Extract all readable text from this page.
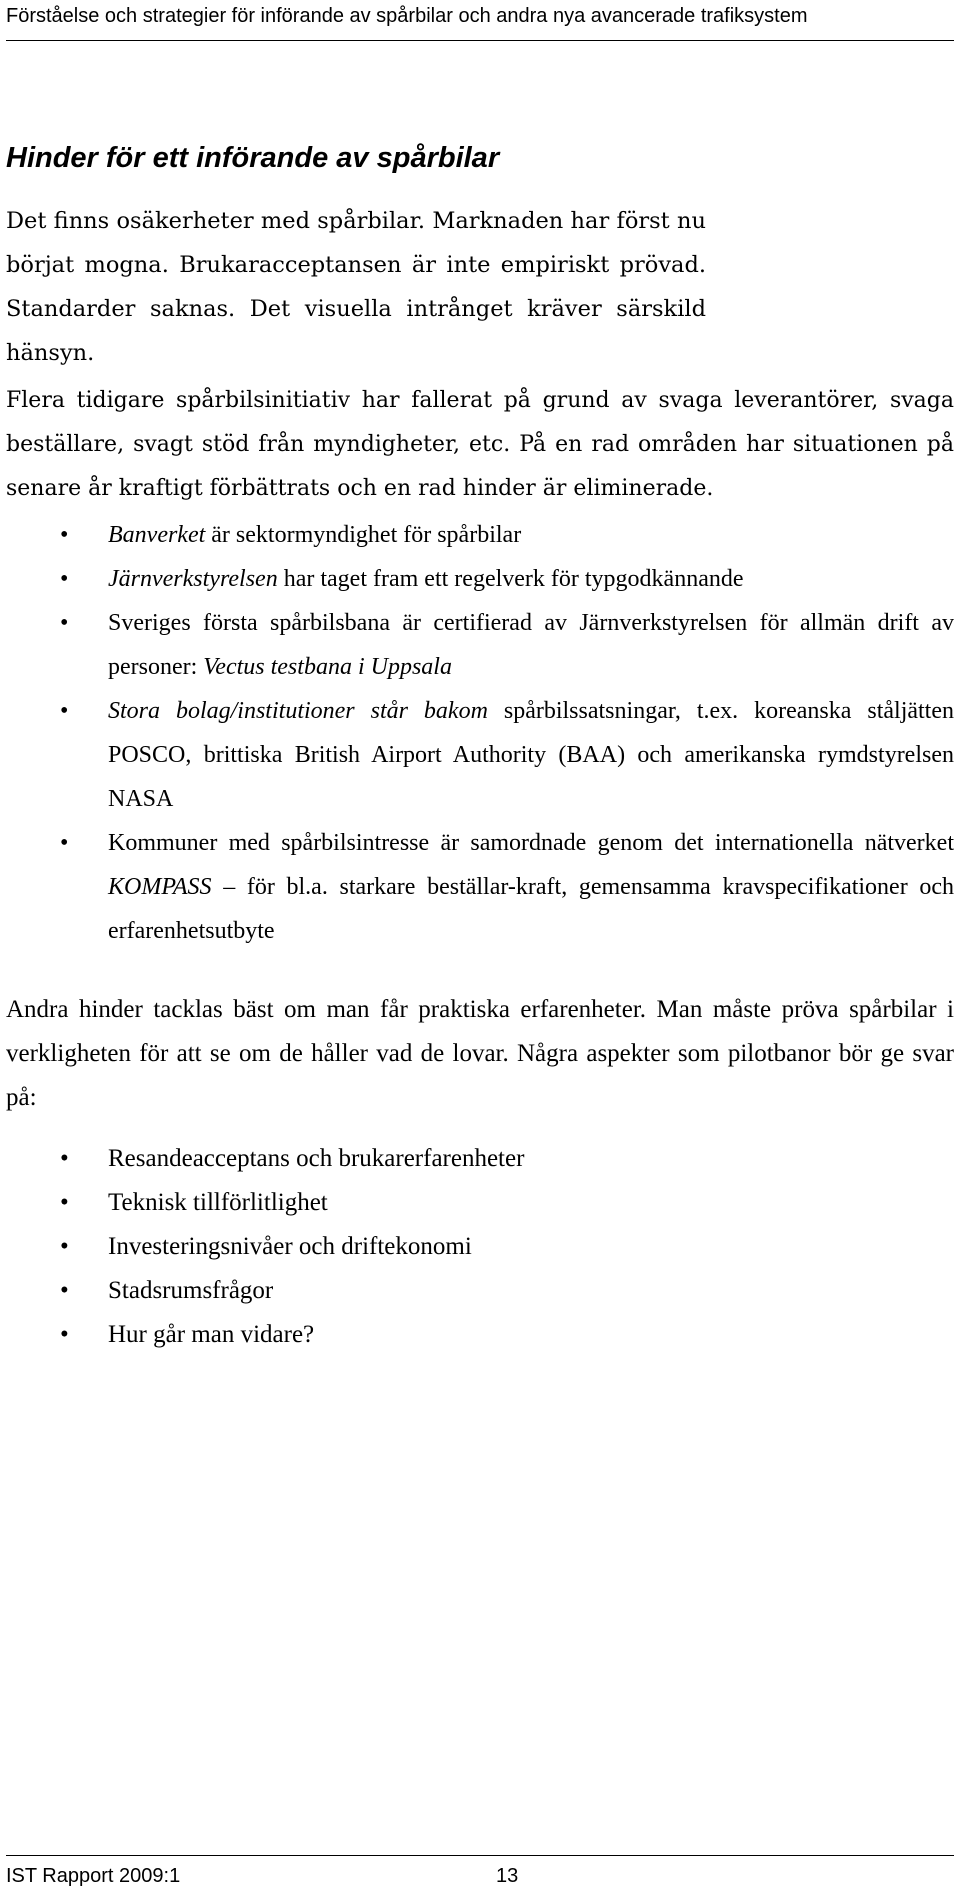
Förståelse och strategier för införande av spårbilar och andra nya avancerade trafiksystem
Hinder för ett införande av spårbilar

Det finns osäkerheter med spårbilar. Marknaden har först nu börjat mogna. Brukaracceptansen är inte empiriskt prövad. Standarder saknas. Det visuella intrånget kräver särskild hänsyn.

Flera tidigare spårbilsinitiativ har fallerat på grund av svaga leverantörer, svaga beställare, svagt stöd från myndigheter, etc. På en rad områden har situationen på senare år kraftigt förbättrats och en rad hinder är eliminerade.

• Banverket är sektormyndighet för spårbilar
• Järnverkstyrelsen har taget fram ett regelverk för typgodkännande
• Sveriges första spårbilsbana är certifierad av Järnverkstyrelsen för allmän drift av personer: Vectus testbana i Uppsala
• Stora bolag/institutioner står bakom spårbilssatsningar, t.ex. koreanska ståljätten POSCO, brittiska British Airport Authority (BAA) och amerikanska rymdstyrelsen NASA
• Kommuner med spårbilsintresse är samordnade genom det internationella nätverket KOMPASS – för bl.a. starkare beställar-kraft, gemensamma kravspecifikationer och erfarenhetsutbyte

Andra hinder tacklas bäst om man får praktiska erfarenheter. Man måste pröva spårbilar i verkligheten för att se om de håller vad de lovar. Några aspekter som pilotbanor bör ge svar på:

• Resandeacceptans och brukarerfarenheter
• Teknisk tillförlitlighet
• Investeringsnivåer och driftekonomi
• Stadsrumsfrågor
• Hur går man vidare?
IST Rapport 2009:1	13
